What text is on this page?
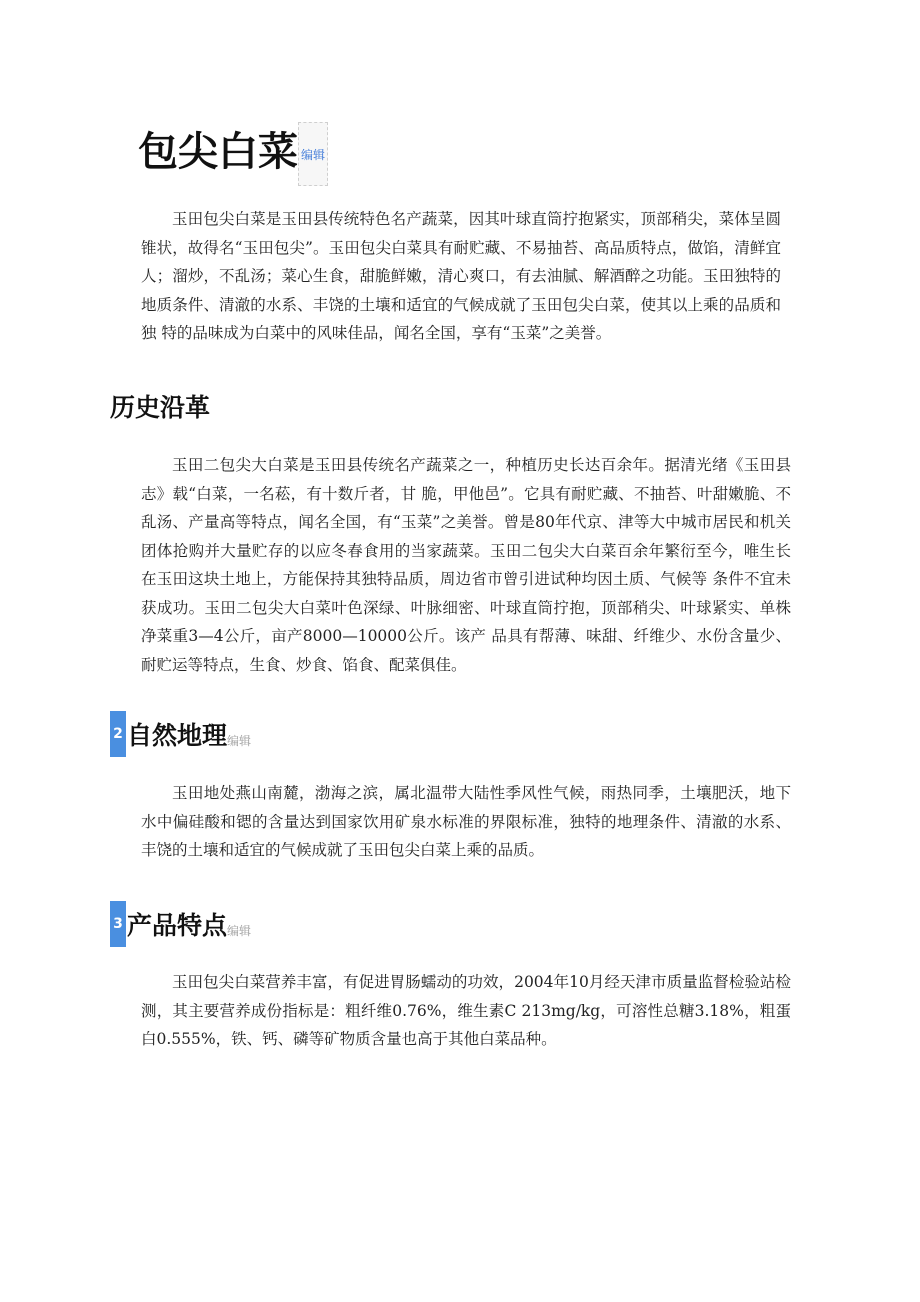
包尖白菜 编辑

玉田包尖白菜是玉田县传统特色名产蔬菜，因其叶球直筒拧抱紧实，顶部稍尖，菜体呈圆锥状，故得名“玉田包尖”。玉田包尖白菜具有耐贮藏、不易抽苔、高品质特点，做馅，清鲜宜人；溜炒，不乱汤；菜心生食，甜脆鲜嫩，清心爽口，有去油腻、解酒醉之功能。玉田独特的地质条件、清澈的水系、丰饶的土壤和适宜的气候成就了玉田包尖白菜，使其以上乘的品质和独 特的品味成为白菜中的风味佳品，闻名全国，享有“玉菜”之美誉。

历史沿革

玉田二包尖大白菜是玉田县传统名产蔬菜之一，种植历史长达百余年。据清光绪《玉田县志》载“白菜，一名菘，有十数斤者，甘 脆，甲他邑”。它具有耐贮藏、不抽苔、叶甜嫩脆、不乱汤、产量高等特点，闻名全国，有“玉菜”之美誉。曾是80年代京、津等大中城市居民和机关团体抢购并大量贮存的以应冬春食用的当家蔬菜。玉田二包尖大白菜百余年繁衍至今，唯生长在玉田这块土地上，方能保持其独特品质，周边省市曾引进试种均因土质、气候等 条件不宜未获成功。玉田二包尖大白菜叶色深绿、叶脉细密、叶球直筒拧抱，顶部稍尖、叶球紧实、单株净菜重3—4公斤，亩产8000—10000公斤。该产 品具有帮薄、味甜、纤维少、水份含量少、耐贮运等特点，生食、炒食、馅食、配菜俱佳。

2 自然地理 编辑

玉田地处燕山南麓，渤海之滨，属北温带大陆性季风性气候，雨热同季，土壤肥沃，地下水中偏硅酸和锶的含量达到国家饮用矿泉水标准的界限标准，独特的地理条件、清澈的水系、丰饶的土壤和适宜的气候成就了玉田包尖白菜上乘的品质。

3 产品特点 编辑

玉田包尖白菜营养丰富，有促进胃肠蠕动的功效，2004年10月经天津市质量监督检验站检测，其主要营养成份指标是：粗纤维0.76%，维生素C 213mg/kg，可溶性总糖3.18%，粗蛋白0.555%，铁、钙、磷等矿物质含量也高于其他白菜品种。
